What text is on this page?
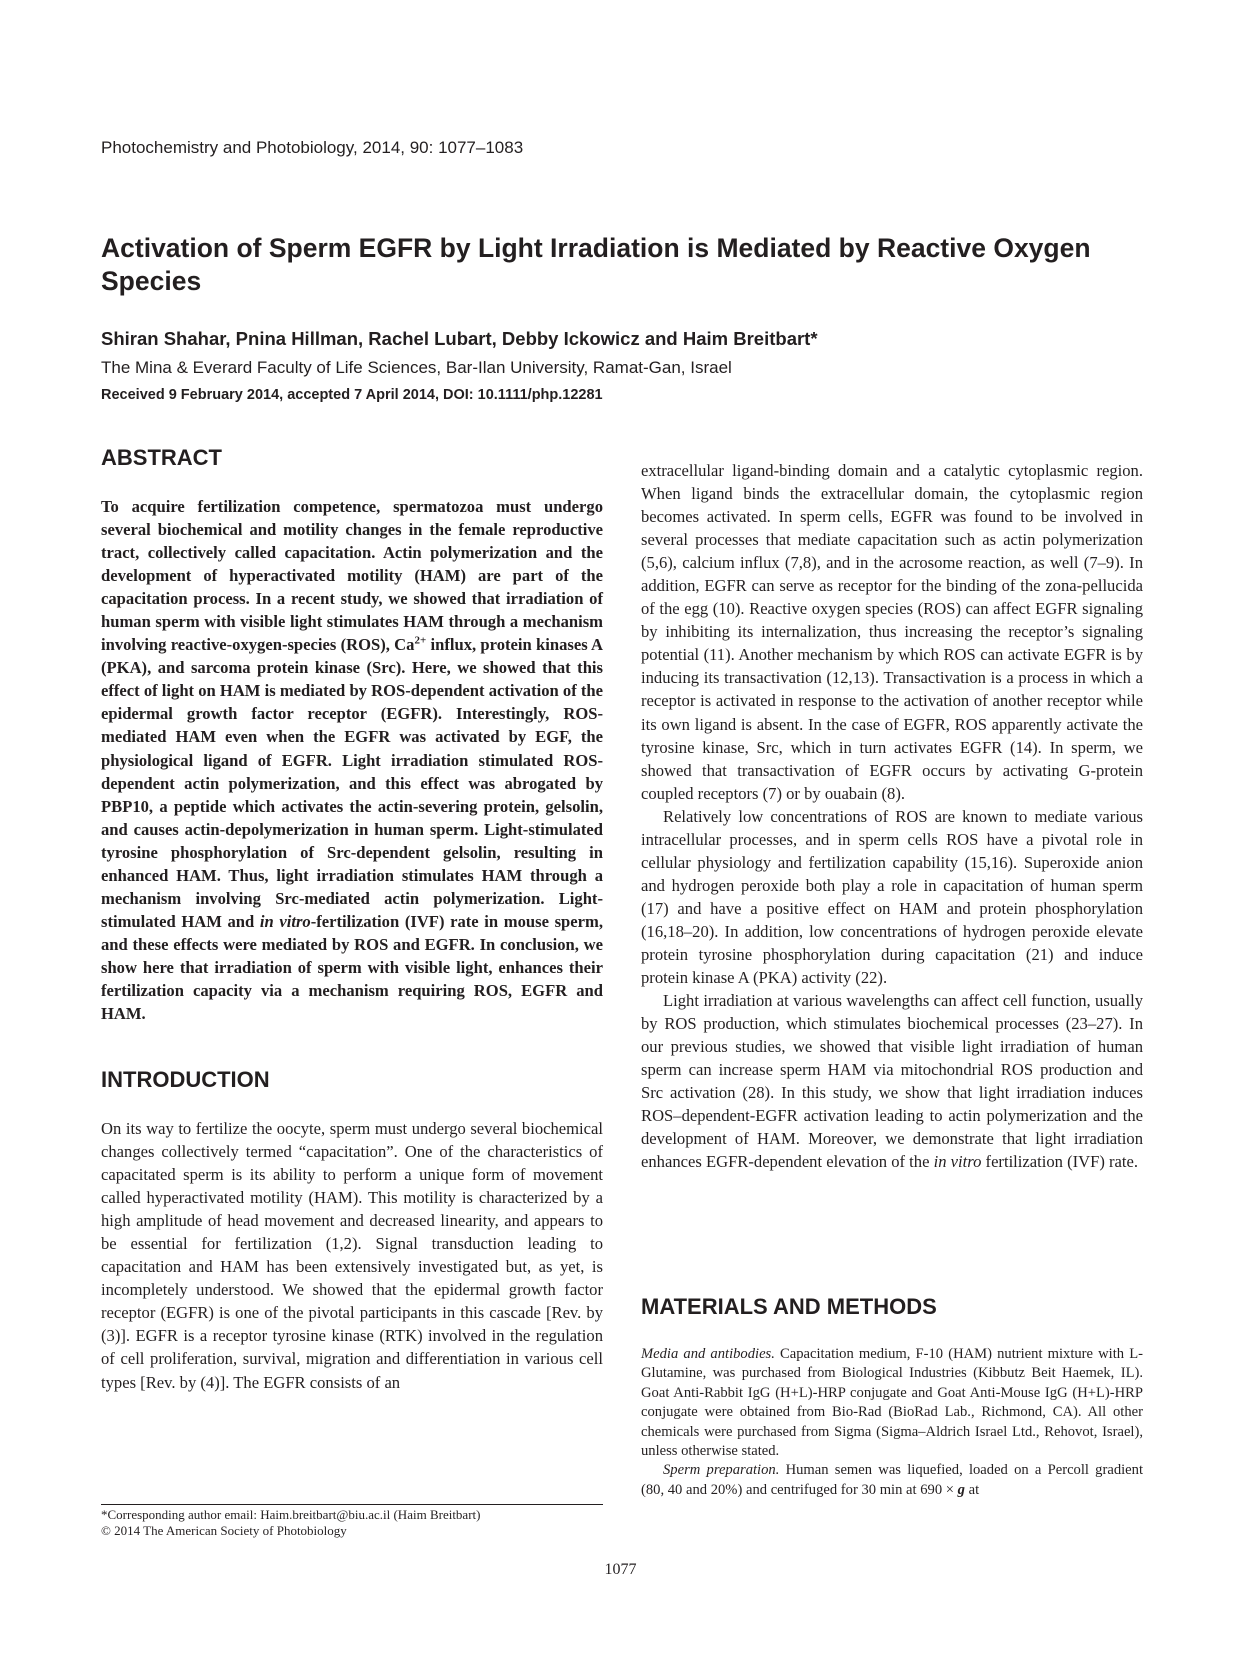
Photochemistry and Photobiology, 2014, 90: 1077–1083
Activation of Sperm EGFR by Light Irradiation is Mediated by Reactive Oxygen Species
Shiran Shahar, Pnina Hillman, Rachel Lubart, Debby Ickowicz and Haim Breitbart*
The Mina & Everard Faculty of Life Sciences, Bar-Ilan University, Ramat-Gan, Israel
Received 9 February 2014, accepted 7 April 2014, DOI: 10.1111/php.12281
ABSTRACT

To acquire fertilization competence, spermatozoa must undergo several biochemical and motility changes in the female reproductive tract, collectively called capacitation. Actin polymerization and the development of hyperactivated motility (HAM) are part of the capacitation process. In a recent study, we showed that irradiation of human sperm with visible light stimulates HAM through a mechanism involving reactive-oxygen-species (ROS), $Ca^{2+}$ influx, protein kinases A (PKA), and sarcoma protein kinase (Src). Here, we showed that this effect of light on HAM is mediated by ROS-dependent activation of the epidermal growth factor receptor (EGFR). Interestingly, ROS-mediated HAM even when the EGFR was activated by EGF, the physiological ligand of EGFR. Light irradiation stimulated ROS-dependent actin polymerization, and this effect was abrogated by PBP10, a peptide which activates the actin-severing protein, gelsolin, and causes actin-depolymerization in human sperm. Light-stimulated tyrosine phosphorylation of Src-dependent gelsolin, resulting in enhanced HAM. Thus, light irradiation stimulates HAM through a mechanism involving Src-mediated actin polymerization. Light-stimulated HAM and in vitro-fertilization (IVF) rate in mouse sperm, and these effects were mediated by ROS and EGFR. In conclusion, we show here that irradiation of sperm with visible light, enhances their fertilization capacity via a mechanism requiring ROS, EGFR and HAM.

INTRODUCTION

On its way to fertilize the oocyte, sperm must undergo several biochemical changes collectively termed “capacitation”. One of the characteristics of capacitated sperm is its ability to perform a unique form of movement called hyperactivated motility (HAM). This motility is characterized by a high amplitude of head movement and decreased linearity, and appears to be essential for fertilization (1,2). Signal transduction leading to capacitation and HAM has been extensively investigated but, as yet, is incompletely understood. We showed that the epidermal growth factor receptor (EGFR) is one of the pivotal participants in this cascade [Rev. by (3)]. EGFR is a receptor tyrosine kinase (RTK) involved in the regulation of cell proliferation, survival, migration and differentiation in various cell types [Rev. by (4)]. The EGFR consists of an

extracellular ligand-binding domain and a catalytic cytoplasmic region. When ligand binds the extracellular domain, the cytoplasmic region becomes activated. In sperm cells, EGFR was found to be involved in several processes that mediate capacitation such as actin polymerization (5,6), calcium influx (7,8), and in the acrosome reaction, as well (7–9). In addition, EGFR can serve as receptor for the binding of the zona-pellucida of the egg (10). Reactive oxygen species (ROS) can affect EGFR signaling by inhibiting its internalization, thus increasing the receptor’s signaling potential (11). Another mechanism by which ROS can activate EGFR is by inducing its transactivation (12,13). Transactivation is a process in which a receptor is activated in response to the activation of another receptor while its own ligand is absent. In the case of EGFR, ROS apparently activate the tyrosine kinase, Src, which in turn activates EGFR (14). In sperm, we showed that transactivation of EGFR occurs by activating G-protein coupled receptors (7) or by ouabain (8).

Relatively low concentrations of ROS are known to mediate various intracellular processes, and in sperm cells ROS have a pivotal role in cellular physiology and fertilization capability (15,16). Superoxide anion and hydrogen peroxide both play a role in capacitation of human sperm (17) and have a positive effect on HAM and protein phosphorylation (16,18–20). In addition, low concentrations of hydrogen peroxide elevate protein tyrosine phosphorylation during capacitation (21) and induce protein kinase A (PKA) activity (22).

Light irradiation at various wavelengths can affect cell function, usually by ROS production, which stimulates biochemical processes (23–27). In our previous studies, we showed that visible light irradiation of human sperm can increase sperm HAM via mitochondrial ROS production and Src activation (28). In this study, we show that light irradiation induces ROS–dependent-EGFR activation leading to actin polymerization and the development of HAM. Moreover, we demonstrate that light irradiation enhances EGFR-dependent elevation of the in vitro fertilization (IVF) rate.

MATERIALS AND METHODS

Media and antibodies. Capacitation medium, F-10 (HAM) nutrient mixture with L-Glutamine, was purchased from Biological Industries (Kibbutz Beit Haemek, IL). Goat Anti-Rabbit IgG (H+L)-HRP conjugate and Goat Anti-Mouse IgG (H+L)-HRP conjugate were obtained from Bio-Rad (BioRad Lab., Richmond, CA). All other chemicals were purchased from Sigma (Sigma–Aldrich Israel Ltd., Rehovot, Israel), unless otherwise stated.

Sperm preparation. Human semen was liquefied, loaded on a Percoll gradient (80, 40 and 20%) and centrifuged for 30 min at 690 × g at

*Corresponding author email: Haim.breitbart@biu.ac.il (Haim Breitbart)
© 2014 The American Society of Photobiology
1077
